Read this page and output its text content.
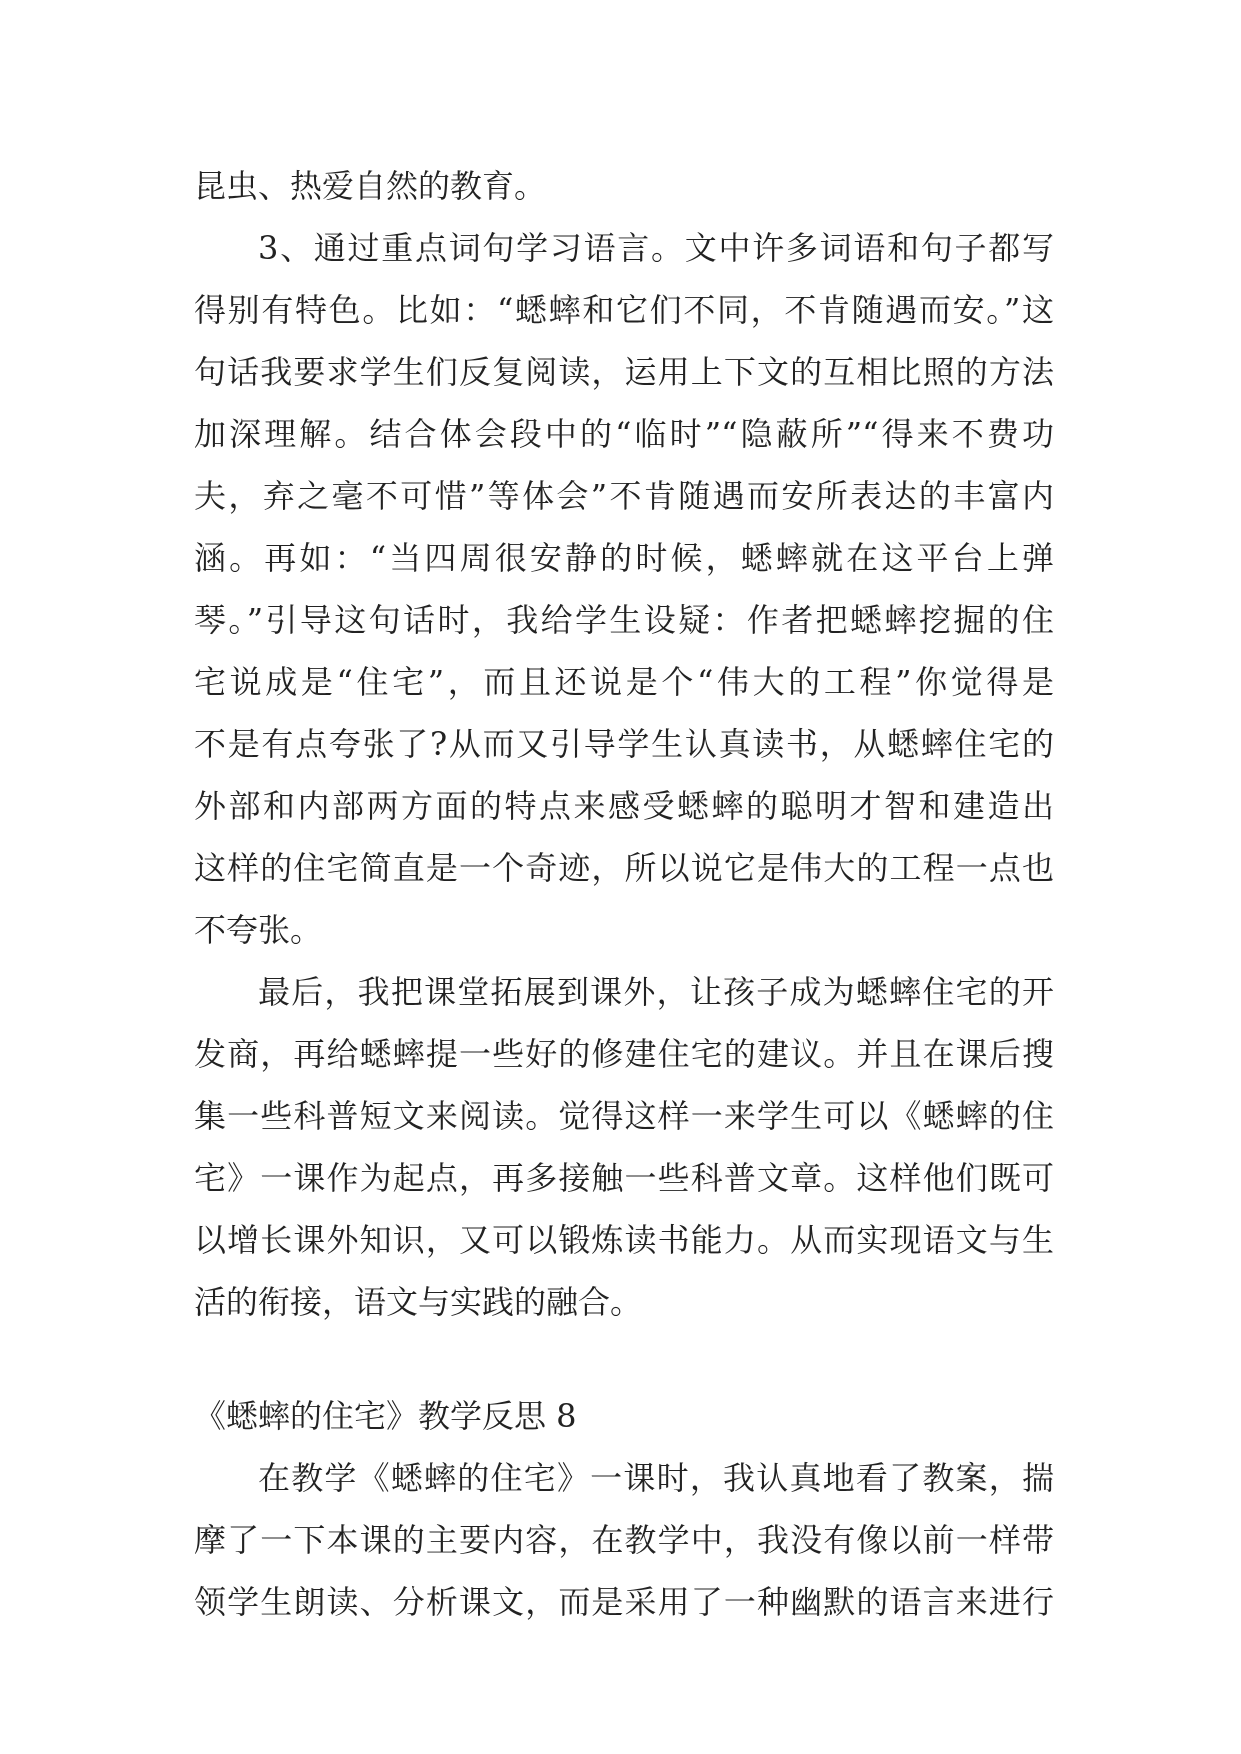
昆虫、热爱自然的教育。
3、通过重点词句学习语言。文中许多词语和句子都写
得别有特色。比如：“蟋蟀和它们不同，不肯随遇而安。”这
句话我要求学生们反复阅读，运用上下文的互相比照的方法
加深理解。结合体会段中的“临时”“隐蔽所”“得来不费功
夫，弃之毫不可惜”等体会”不肯随遇而安所表达的丰富内
涵。再如：“当四周很安静的时候，蟋蟀就在这平台上弹
琴。”引导这句话时，我给学生设疑：作者把蟋蟀挖掘的住
宅说成是“住宅”，而且还说是个“伟大的工程”你觉得是
不是有点夸张了?从而又引导学生认真读书，从蟋蟀住宅的
外部和内部两方面的特点来感受蟋蟀的聪明才智和建造出
这样的住宅简直是一个奇迹，所以说它是伟大的工程一点也
不夸张。
最后，我把课堂拓展到课外，让孩子成为蟋蟀住宅的开
发商，再给蟋蟀提一些好的修建住宅的建议。并且在课后搜
集一些科普短文来阅读。觉得这样一来学生可以《蟋蟀的住
宅》一课作为起点，再多接触一些科普文章。这样他们既可
以增长课外知识，又可以锻炼读书能力。从而实现语文与生
活的衔接，语文与实践的融合。
《蟋蟀的住宅》教学反思 8
在教学《蟋蟀的住宅》一课时，我认真地看了教案，揣
摩了一下本课的主要内容，在教学中，我没有像以前一样带
领学生朗读、分析课文，而是采用了一种幽默的语言来进行
